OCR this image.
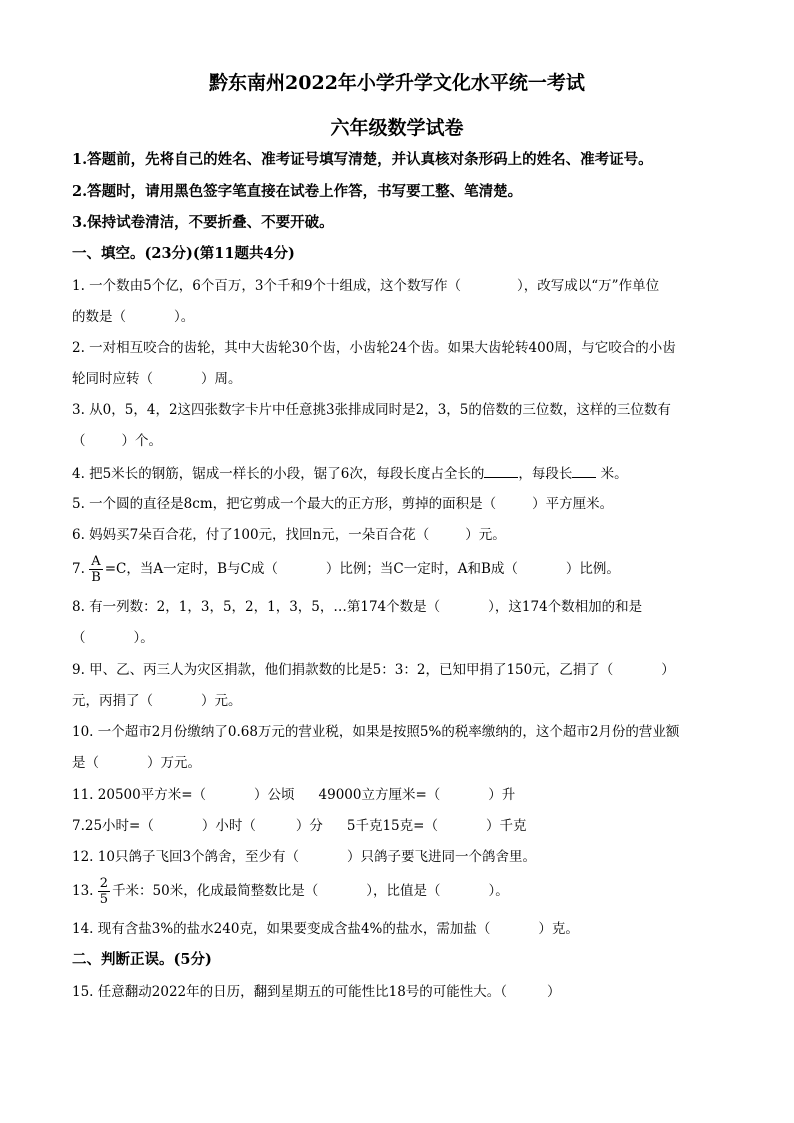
黔东南州2022年小学升学文化水平统一考试
六年级数学试卷
1.答题前，先将自己的姓名、准考证号填写清楚，并认真核对条形码上的姓名、准考证号。
2.答题时，请用黑色签字笔直接在试卷上作答，书写要工整、笔清楚。
3.保持试卷清洁，不要折叠、不要开破。
一、填空。(23分)(第11题共4分)
1. 一个数由5个亿，6个百万，3个千和9个十组成，这个数写作（	），改写成以“万”作单位
的数是（	）。
2. 一对相互咬合的齿轮，其中大齿轮30个齿，小齿轮24个齿。如果大齿轮转400周，与它咬合的小齿
轮同时应转（	）周。
3. 从0，5，4，2这四张数字卡片中任意挑3张排成同时是2，3，5的倍数的三位数，这样的三位数有
（	）个。
4. 把5米长的钢筋，锯成一样长的小段，锯了6次，每段长度占全长的	，每段长 米。
5. 一个圆的直径是8cm，把它剪成一个最大的正方形，剪掉的面积是（	）平方厘米。
6. 妈妈买7朵百合花，付了100元，找回n元，一朵百合花（	）元。
7. $\frac{A}{B} =C$，当A一定时，B与C成（	）比例；当C一定时，A和B成（	）比例。
8. 有一列数：2，1，3，5，2，1，3，5，…第174个数是（	），这174个数相加的和是
（	）。
9. 甲、乙、丙三人为灾区捐款，他们捐款数的比是5：3：2，已知甲捐了150元，乙捐了（	）
元，丙捐了（	）元。
10. 一个超市2月份缴纳了0.68万元的营业税，如果是按照5%的税率缴纳的，这个超市2月份的营业额
是（	）万元。
11. 20500平方米=（	）公顷 49000立方厘米=（	）升
7.25小时=（	）小时（	）分 5千克15克=（	）千克
12. 10只鸽子飞回3个鸽舍，至少有（	）只鸽子要飞进同一个鸽舍里。
13. $\frac{2}{5}$ 千米：50米，化成最简整数比是（	），比值是（	）。
14. 现有含盐3%的盐水240克，如果要变成含盐4%的盐水，需加盐（	）克。
二、判断正误。(5分)
15. 任意翻动2022年的日历，翻到星期五的可能性比18号的可能性大。（	）
